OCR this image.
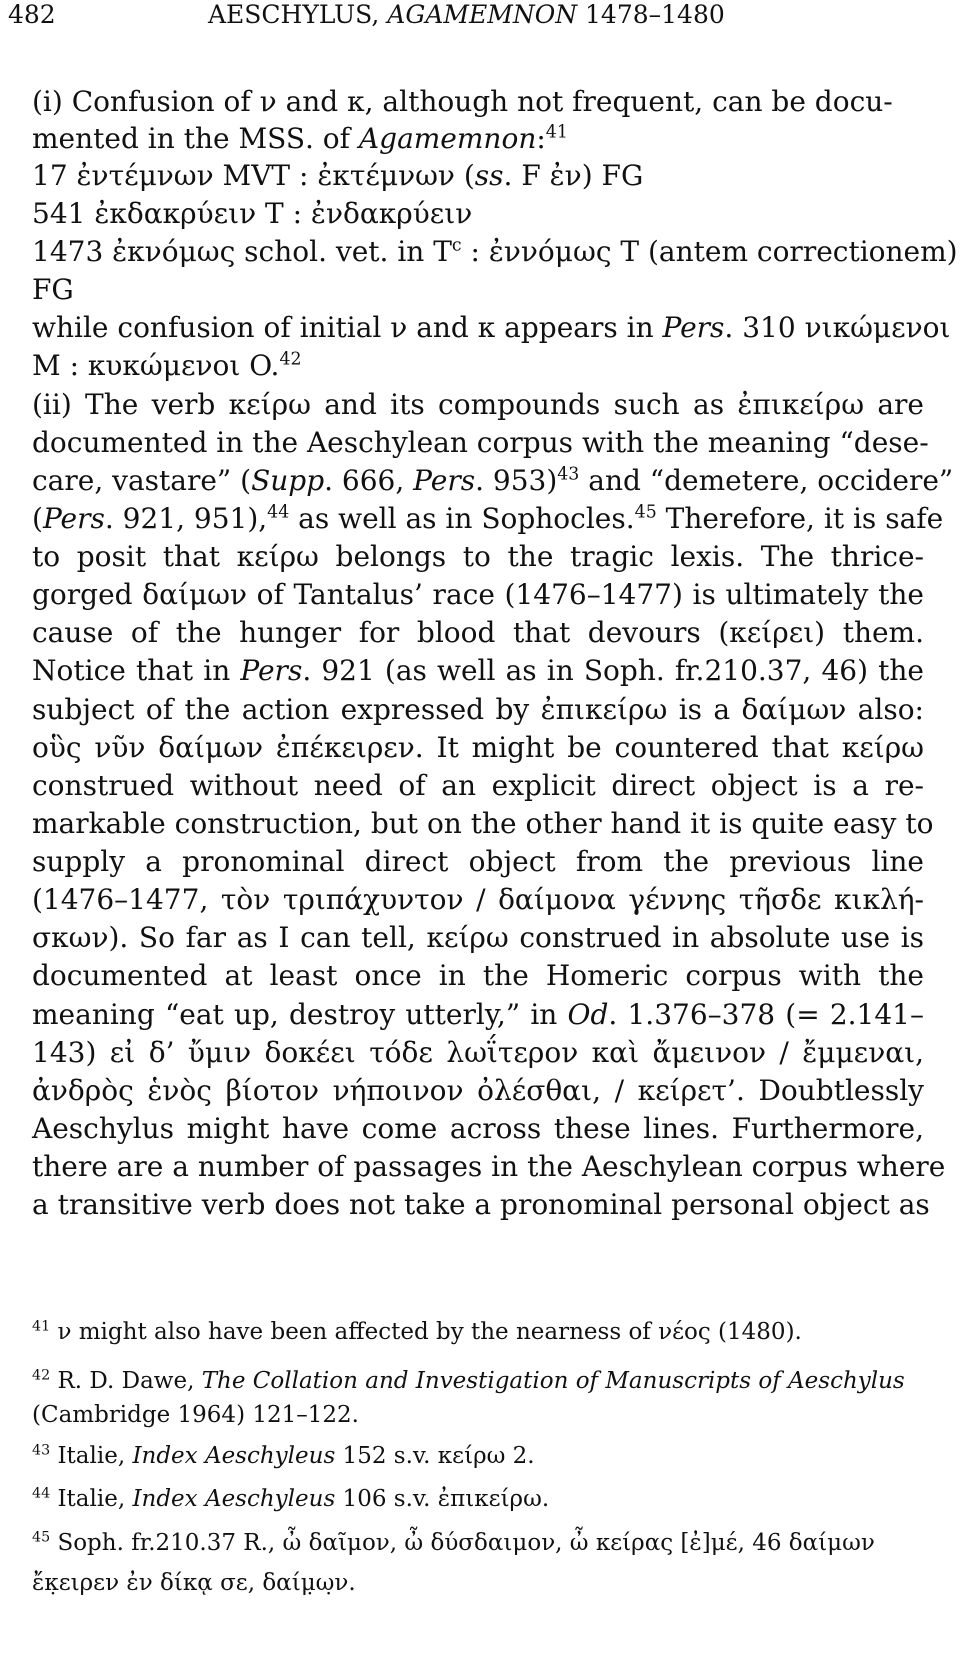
482	AESCHYLUS, AGAMEMNON 1478–1480
(i) Confusion of ν and κ, although not frequent, can be docu-
mented in the MSS. of Agamemnon:$^{41}$
17 ἐντέμνων MVT : ἐκτέμνων (ss. F ἐν) FG
541 ἐκδακρύειν T : ἐνδακρύειν
1473 ἐκνόμως schol. vet. in $T^c$ : ἐννόμως T (antem correctionem)
FG
while confusion of initial ν and κ appears in Pers. 310 νικώμενοι
M : κυκώμενοι O.$^{42}$
(ii) The verb κείρω and its compounds such as ἐπικείρω are
documented in the Aeschylean corpus with the meaning “dese-
care, vastare” (Supp. 666, Pers. 953)$^{43}$ and “demetere, occidere”
(Pers. 921, 951),$^{44}$ as well as in Sophocles.$^{45}$ Therefore, it is safe
to posit that κείρω belongs to the tragic lexis. The thrice-
gorged δαίμων of Tantalus’ race (1476–1477) is ultimately the
cause of the hunger for blood that devours (κείρει) them.
Notice that in Pers. 921 (as well as in Soph. fr.210.37, 46) the
subject of the action expressed by ἐπικείρω is a δαίμων also:
οὓς νῦν δαίμων ἐπέκειρεν. It might be countered that κείρω
construed without need of an explicit direct object is a re-
markable construction, but on the other hand it is quite easy to
supply a pronominal direct object from the previous line
(1476–1477, τὸν τριπάχυντον / δαίμονα γέννης τῆσδε κικλή-
σκων). So far as I can tell, κείρω construed in absolute use is
documented at least once in the Homeric corpus with the
meaning “eat up, destroy utterly,” in Od. 1.376–378 (= 2.141–
143) εἰ δ’ ὔμιν δοκέει τόδε λωΐτερον καὶ ἄμεινον / ἔμμεναι,
ἀνδρὸς ἑνὸς βίοτον νήποινον ὀλέσθαι, / κείρετ’. Doubtlessly
Aeschylus might have come across these lines. Furthermore,
there are a number of passages in the Aeschylean corpus where
a transitive verb does not take a pronominal personal object as
$^{41}$ ν might also have been affected by the nearness of νέος (1480).
$^{42}$ R. D. Dawe, The Collation and Investigation of Manuscripts of Aeschylus
(Cambridge 1964) 121–122.
$^{43}$ Italie, Index Aeschyleus 152 s.v. κείρω 2.
$^{44}$ Italie, Index Aeschyleus 106 s.v. ἐπικείρω.
$^{45}$ Soph. fr.210.37 R., ὦ δαῖμον, ὦ δύσδαιμον, ὦ κείρας [ἐ]μέ, 46 δαίμων
ἔκ̣ειρεν ἐν δίκᾳ σε, δαίμ̣ω̣ν.
